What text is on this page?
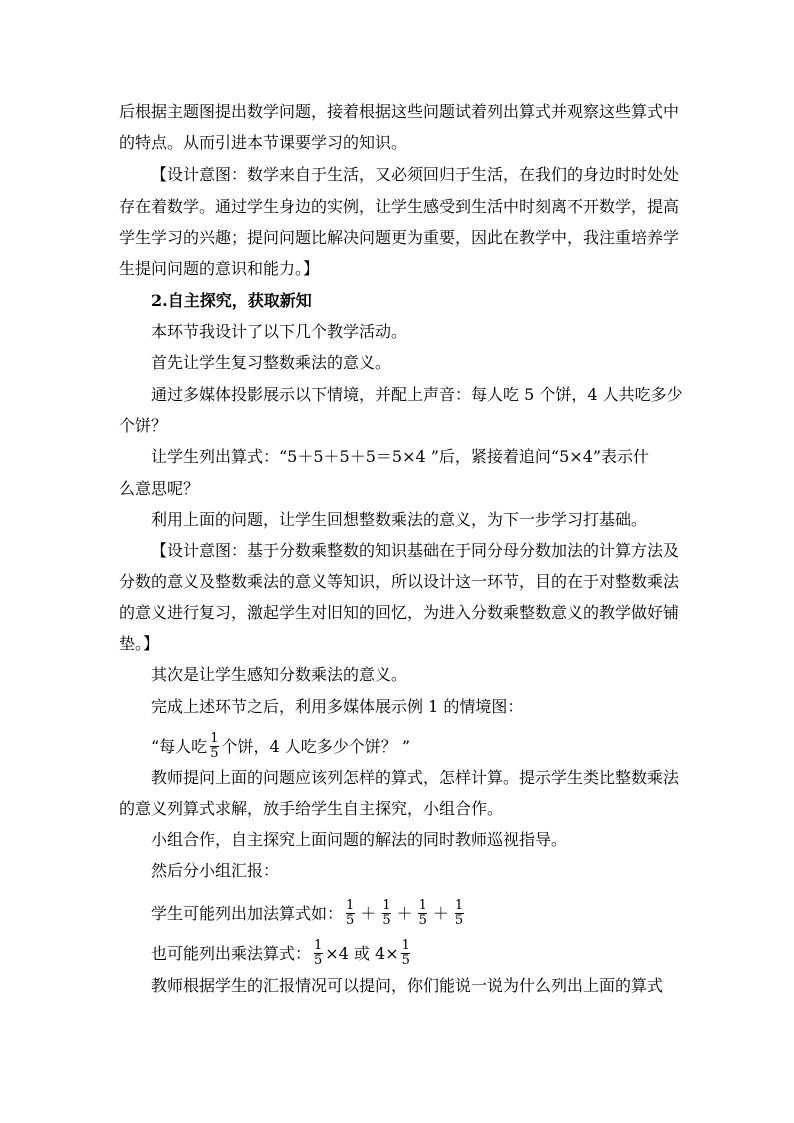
后根据主题图提出数学问题，接着根据这些问题试着列出算式并观察这些算式中
的特点。从而引进本节课要学习的知识。
【设计意图：数学来自于生活，又必须回归于生活，在我们的身边时时处处
存在着数学。通过学生身边的实例，让学生感受到生活中时刻离不开数学，提高
学生学习的兴趣；提问问题比解决问题更为重要，因此在教学中，我注重培养学
生提问问题的意识和能力。】
2.自主探究，获取新知
本环节我设计了以下几个教学活动。
首先让学生复习整数乘法的意义。
通过多媒体投影展示以下情境，并配上声音：每人吃 5 个饼，4 人共吃多少
个饼？
让学生列出算式：“5＋5＋5＋5＝5×4 ”后，紧接着追问“5×4”表示什
么意思呢？
利用上面的问题，让学生回想整数乘法的意义，为下一步学习打基础。
【设计意图：基于分数乘整数的知识基础在于同分母分数加法的计算方法及
分数的意义及整数乘法的意义等知识，所以设计这一环节，目的在于对整数乘法
的意义进行复习，激起学生对旧知的回忆，为进入分数乘整数意义的教学做好铺
垫。】
其次是让学生感知分数乘法的意义。
完成上述环节之后，利用多媒体展示例 1 的情境图：
“每人吃 $\frac{1}{5}$ 个饼，4 人吃多少个饼？ ”
教师提问上面的问题应该列怎样的算式，怎样计算。提示学生类比整数乘法
的意义列算式求解，放手给学生自主探究，小组合作。
小组合作，自主探究上面问题的解法的同时教师巡视指导。
然后分小组汇报：
学生可能列出加法算式如： $\frac{1}{5} + \frac{1}{5} + \frac{1}{5} + \frac{1}{5}$
也可能列出乘法算式： $\frac{1}{5} \times 4$ 或 $4\times \frac{1}{5}$
教师根据学生的汇报情况可以提问，你们能说一说为什么列出上面的算式
